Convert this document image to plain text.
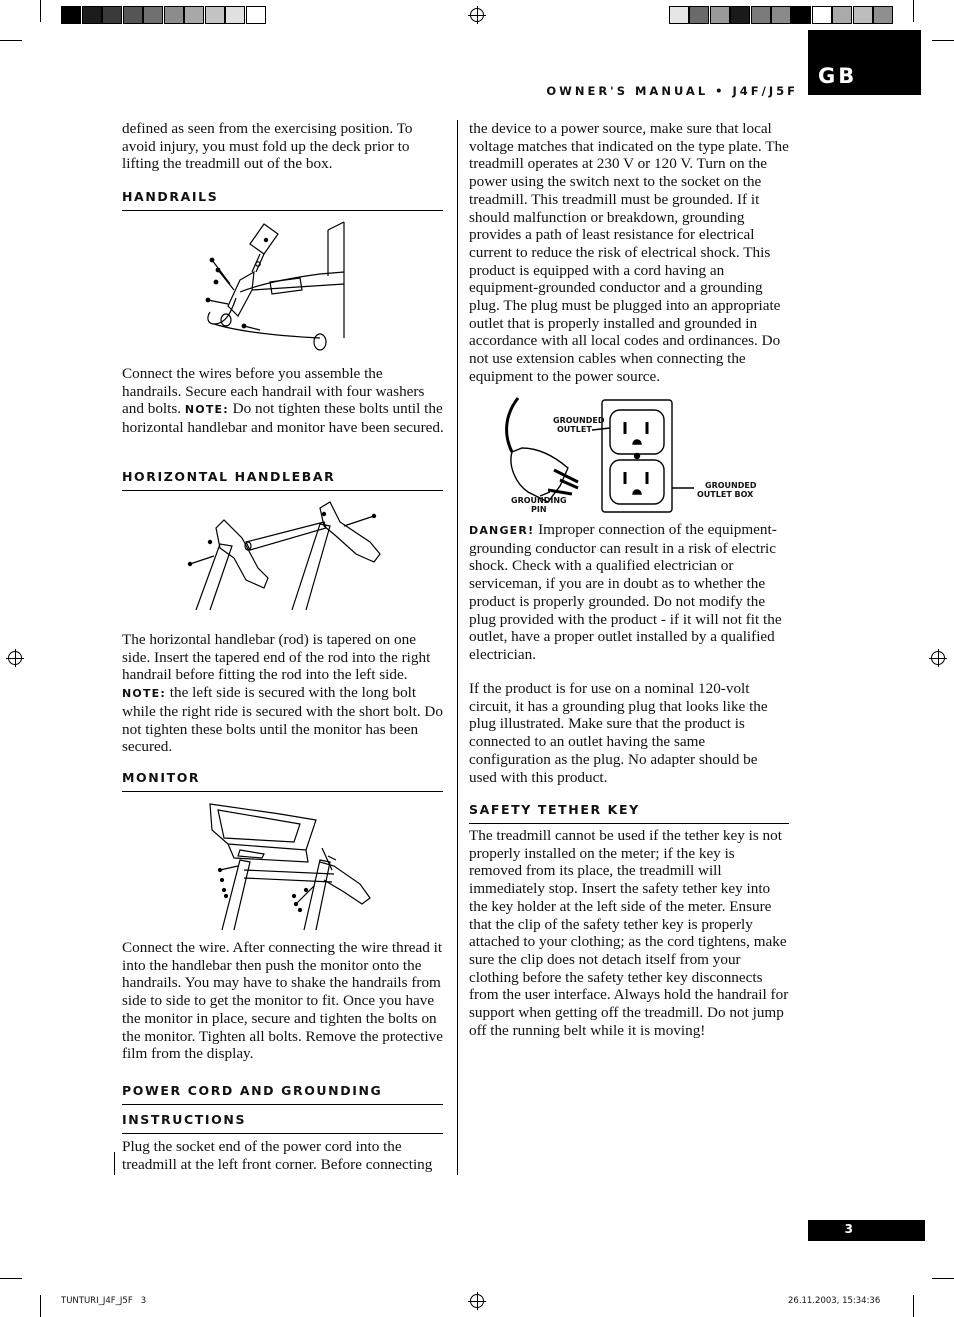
OWNER'S MANUAL • J4F/J5F
GB
defined as seen from the exercising position. To avoid injury, you must fold up the deck prior to lifting the treadmill out of the box.
HANDRAILS
Connect the wires before you assemble the handrails. Secure each handrail with four washers and bolts. NOTE: Do not tighten these bolts until the horizontal handlebar and monitor have been secured.
HORIZONTAL HANDLEBAR
The horizontal handlebar (rod) is tapered on one side. Insert the tapered end of the rod into the right handrail before fitting the rod into the left side. NOTE: the left side is secured with the long bolt while the right ride is secured with the short bolt. Do not tighten these bolts until the monitor has been secured.
MONITOR
Connect the wire. After connecting the wire thread it into the handlebar then push the monitor onto the handrails. You may have to shake the handrails from side to side to get the monitor to fit. Once you have the monitor in place, secure and tighten the bolts on the monitor. Tighten all bolts. Remove the protective film from the display.
POWER CORD AND GROUNDING
INSTRUCTIONS
Plug the socket end of the power cord into the treadmill at the left front corner. Before connecting
the device to a power source, make sure that local voltage matches that indicated on the type plate. The treadmill operates at 230 V or 120 V. Turn on the power using the switch next to the socket on the treadmill. This treadmill must be grounded. If it should malfunction or breakdown, grounding provides a path of least resistance for electrical current to reduce the risk of electrical shock. This product is equipped with a cord having an equipment-grounded conductor and a grounding plug. The plug must be plugged into an appropriate outlet that is properly installed and grounded in accordance with all local codes and ordinances. Do not use extension cables when connecting the equipment to the power source.
GROUNDED
OUTLET
GROUNDED
OUTLET BOX
GROUNDING
PIN
DANGER! Improper connection of the equipment-grounding conductor can result in a risk of electric shock. Check with a qualified electrician or serviceman, if you are in doubt as to whether the product is properly grounded. Do not modify the plug provided with the product - if it will not fit the outlet, have a proper outlet installed by a qualified electrician.
If the product is for use on a nominal 120-volt circuit, it has a grounding plug that looks like the plug illustrated. Make sure that the product is connected to an outlet having the same configuration as the plug. No adapter should be used with this product.
SAFETY TETHER KEY
The treadmill cannot be used if the tether key is not properly installed on the meter; if the key is removed from its place, the treadmill will immediately stop. Insert the safety tether key into the key holder at the left side of the meter. Ensure that the clip of the safety tether key is properly attached to your clothing; as the cord tightens, make sure the clip does not detach itself from your clothing before the safety tether key disconnects from the user interface. Always hold the handrail for support when getting off the treadmill. Do not jump off the running belt while it is moving!
3
TUNTURI_J4F_J5F   3	26.11.2003, 15:34:36
